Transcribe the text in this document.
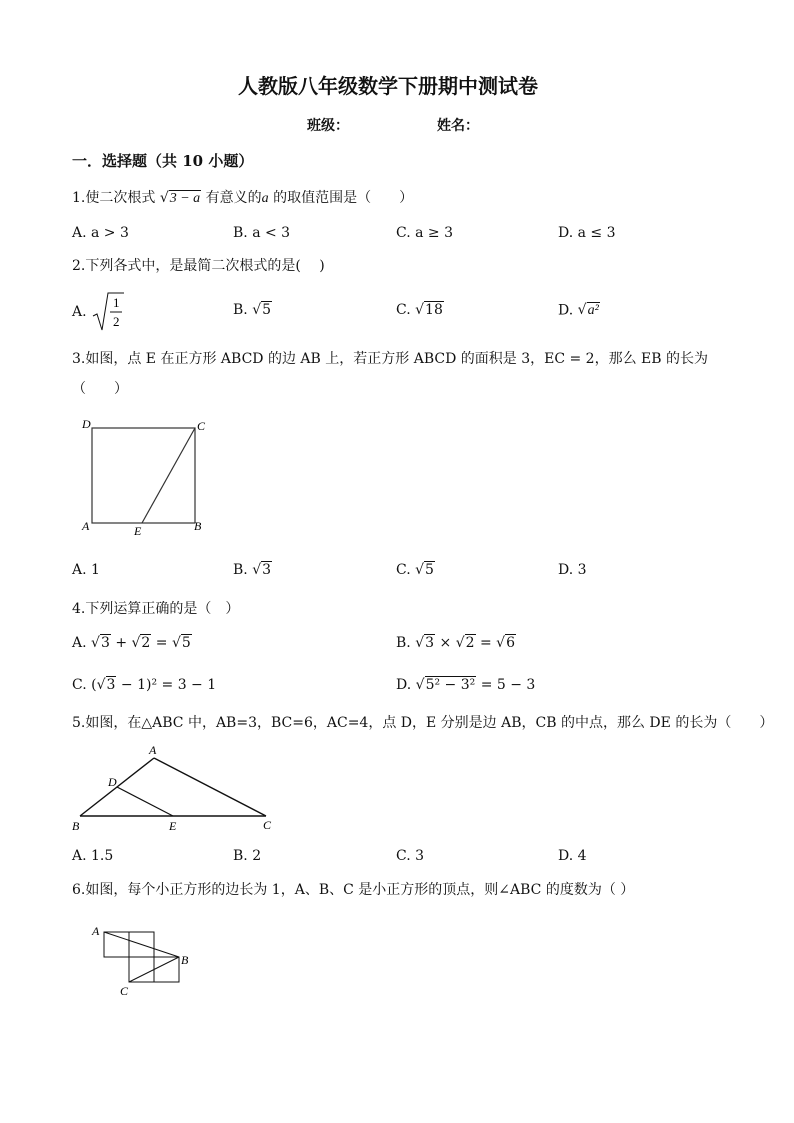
人教版八年级数学下册期中测试卷
班级：	姓名：
一．选择题（共 10 小题）
1.使二次根式 √3 − a 有意义的a 的取值范围是（　　）
A. a > 3	B. a < 3	C. a ≥ 3	D. a ≤ 3
2.下列各式中，是最简二次根式的是(　 )
A.
1
2
B. √5	C. √18	D. √a²
3.如图，点 E 在正方形 ABCD 的边 AB 上，若正方形 ABCD 的面积是 3，EC = 2，那么 EB 的长为
（　　）
D	C
A	E	B
A. 1	B. √3	C. √5	D. 3
4.下列运算正确的是（　）
A. √3 + √2 = √5	B. √3 × √2 = √6
C. (√3 − 1)² = 3 − 1	D. √5² − 3² = 5 − 3
5.如图，在△ABC 中，AB=3，BC=6，AC=4，点 D，E 分别是边 AB，CB 的中点，那么 DE 的长为（　　）
A
D
B	E	C
A. 1.5	B. 2	C. 3	D. 4
6.如图，每个小正方形的边长为 1，A、B、C 是小正方形的顶点，则∠ABC 的度数为（ ）
A
B
C
